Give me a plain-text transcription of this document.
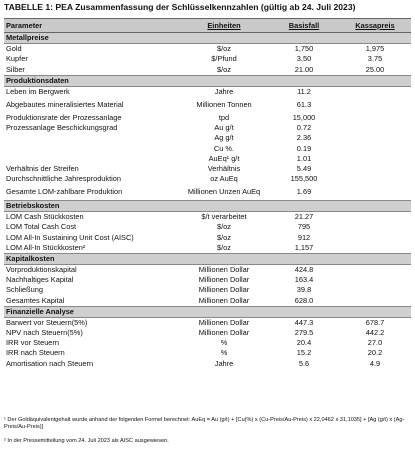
TABELLE 1: PEA Zusammenfassung der Schlüsselkennzahlen (gültig ab 24. Juli 2023)
Parameter	Einheiten	Basisfall	Kassapreis
Metallpreise			
Gold	$/oz	1,750	1,975
Kupfer	$/Pfund	3.50	3.75
Silber	$/oz	21.00	25.00
Produktionsdaten			
Leben im Bergwerk	Jahre	11.2	
Abgebautes mineralisiertes Material	Millionen Tonnen	61.3	
Produktionsrate der Prozessanlage	tpd	15,000	
Prozessanlage Beschickungsgrad	Au g/t	0.72	
	Ag g/t	2.36	
	Cu %.	0.19	
	AuEq¹ g/t	1.01	
Verhältnis der Streifen	Verhältnis	5.49	
Durchschnittliche Jahresproduktion	oz AuEq	155,500	
Gesamte LOM-zahlbare Produktion	Millionen Unzen AuEq	1.69	
Betriebskosten			
LOM Cash Stückkosten	$/t verarbeitet	21.27	
LOM Total Cash Cost	$/oz	795	
LOM All-In Sustaining Unit Cost (AISC)	$/oz	912	
LOM All-In Stückkosten²	$/oz	1,157	
Kapitalkosten			
Vorproduktionskapital	Millionen Dollar	424.8	
Nachhaltiges Kapital	Millionen Dollar	163.4	
Schließung	Millionen Dollar	39.8	
Gesamtes Kapital	Millionen Dollar	628.0	
Finanzielle Analyse			
Barwert vor Steuern(5%)	Millionen Dollar	447.3	678.7
NPV nach Steuern(5%)	Millionen Dollar	279.5	442.2
IRR vor Steuern	%	20.4	27.0
IRR nach Steuern	%	15.2	20.2
Amortisation nach Steuern	Jahre	5.6	4.9
¹ Der Goldäquivalentgehalt wurde anhand der folgenden Formel berechnet: AuEq = Au (g/t) + [Cu(%) x (Cu-Preis/Au-Preis) x 22,0462 x 31,1035] + [Ag (g/t) x (Ag-Preis/Au-Preis)]
² In der Pressemitteilung vom 24. Juli 2023 als AISC ausgewiesen.
